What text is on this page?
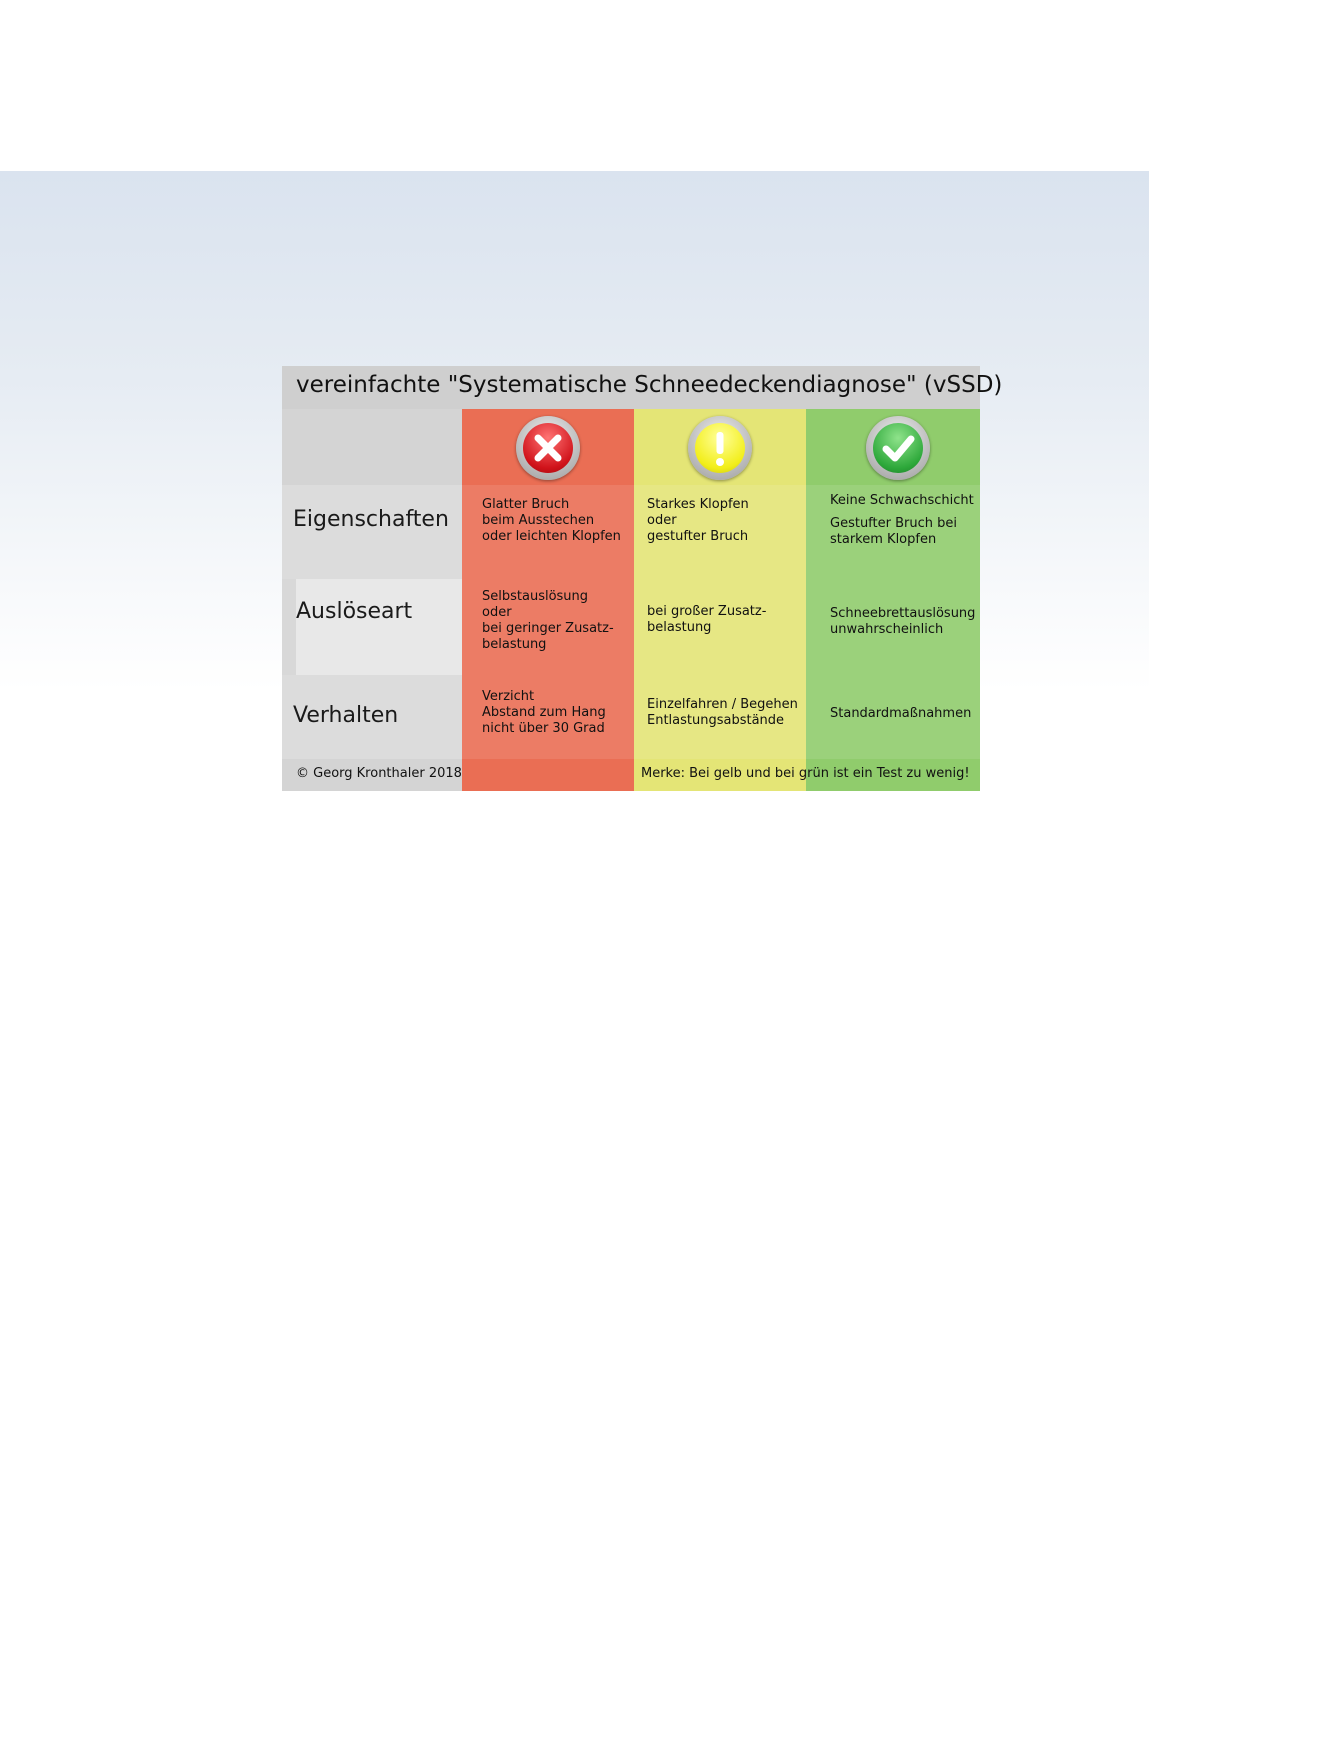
vereinfachte "Systematische Schneedeckendiagnose" (vSSD)
Eigenschaften
Glatter Bruch
beim Ausstechen
oder leichten Klopfen
Starkes Klopfen
oder
gestufter Bruch
Keine Schwachschicht
Gestufter Bruch bei
starkem Klopfen
Auslöseart
Selbstauslösung
oder
bei geringer Zusatz-
belastung
bei großer Zusatz-
belastung
Schneebrettauslösung
unwahrscheinlich
Verhalten
Verzicht
Abstand zum Hang
nicht über 30 Grad
Einzelfahren / Begehen
Entlastungsabstände	Standardmaßnahmen
© Georg Kronthaler 2018	Merke: Bei gelb und bei grün ist ein Test zu wenig!
